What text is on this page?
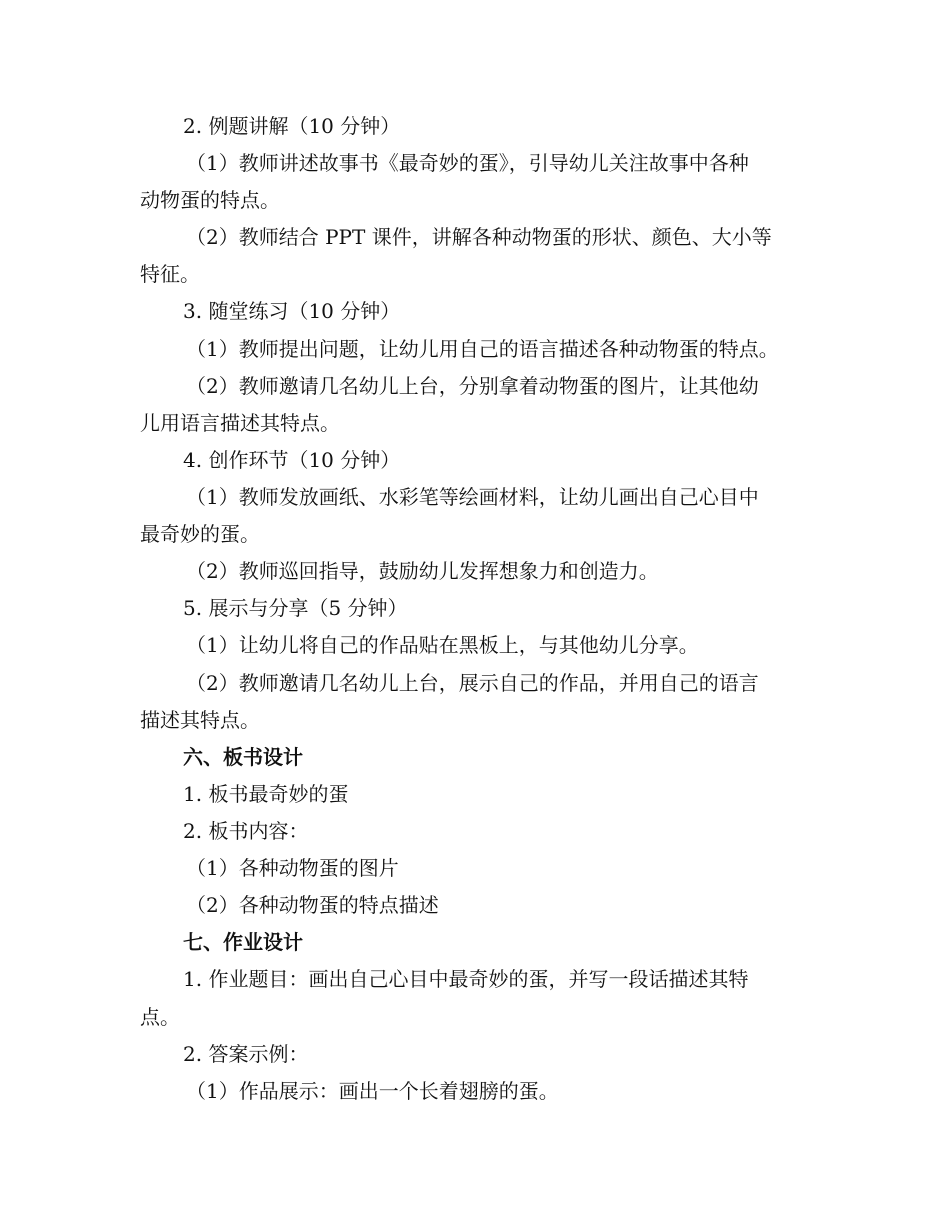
2. 例题讲解（10 分钟）
（1）教师讲述故事书《最奇妙的蛋》，引导幼儿关注故事中各种
动物蛋的特点。
（2）教师结合 PPT 课件，讲解各种动物蛋的形状、颜色、大小等
特征。
3. 随堂练习（10 分钟）
（1）教师提出问题，让幼儿用自己的语言描述各种动物蛋的特点。
（2）教师邀请几名幼儿上台，分别拿着动物蛋的图片，让其他幼
儿用语言描述其特点。
4. 创作环节（10 分钟）
（1）教师发放画纸、水彩笔等绘画材料，让幼儿画出自己心目中
最奇妙的蛋。
（2）教师巡回指导，鼓励幼儿发挥想象力和创造力。
5. 展示与分享（5 分钟）
（1）让幼儿将自己的作品贴在黑板上，与其他幼儿分享。
（2）教师邀请几名幼儿上台，展示自己的作品，并用自己的语言
描述其特点。
六、板书设计
1. 板书最奇妙的蛋
2. 板书内容：
（1）各种动物蛋的图片
（2）各种动物蛋的特点描述
七、作业设计
1. 作业题目：画出自己心目中最奇妙的蛋，并写一段话描述其特
点。
2. 答案示例：
（1）作品展示：画出一个长着翅膀的蛋。
